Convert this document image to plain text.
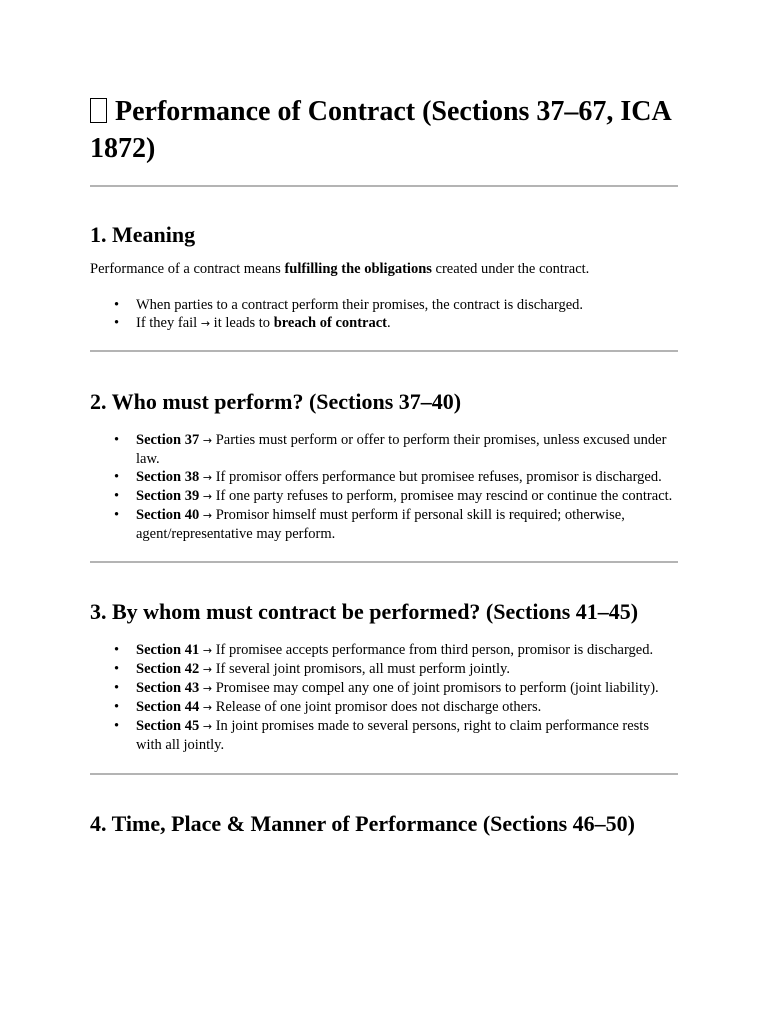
Performance of Contract (Sections 37–67, ICA 1872)
1. Meaning

Performance of a contract means fulfilling the obligations created under the contract.

• When parties to a contract perform their promises, the contract is discharged.
• If they fail → it leads to breach of contract.
2. Who must perform? (Sections 37–40)
• Section 37 → Parties must perform or offer to perform their promises, unless excused under law.
• Section 38 → If promisor offers performance but promisee refuses, promisor is discharged.
• Section 39 → If one party refuses to perform, promisee may rescind or continue the contract.
• Section 40 → Promisor himself must perform if personal skill is required; otherwise, agent/representative may perform.
3. By whom must contract be performed? (Sections 41–45)
• Section 41 → If promisee accepts performance from third person, promisor is discharged.
• Section 42 → If several joint promisors, all must perform jointly.
• Section 43 → Promisee may compel any one of joint promisors to perform (joint liability).
• Section 44 → Release of one joint promisor does not discharge others.
• Section 45 → In joint promises made to several persons, right to claim performance rests with all jointly.
4. Time, Place & Manner of Performance (Sections 46–50)
